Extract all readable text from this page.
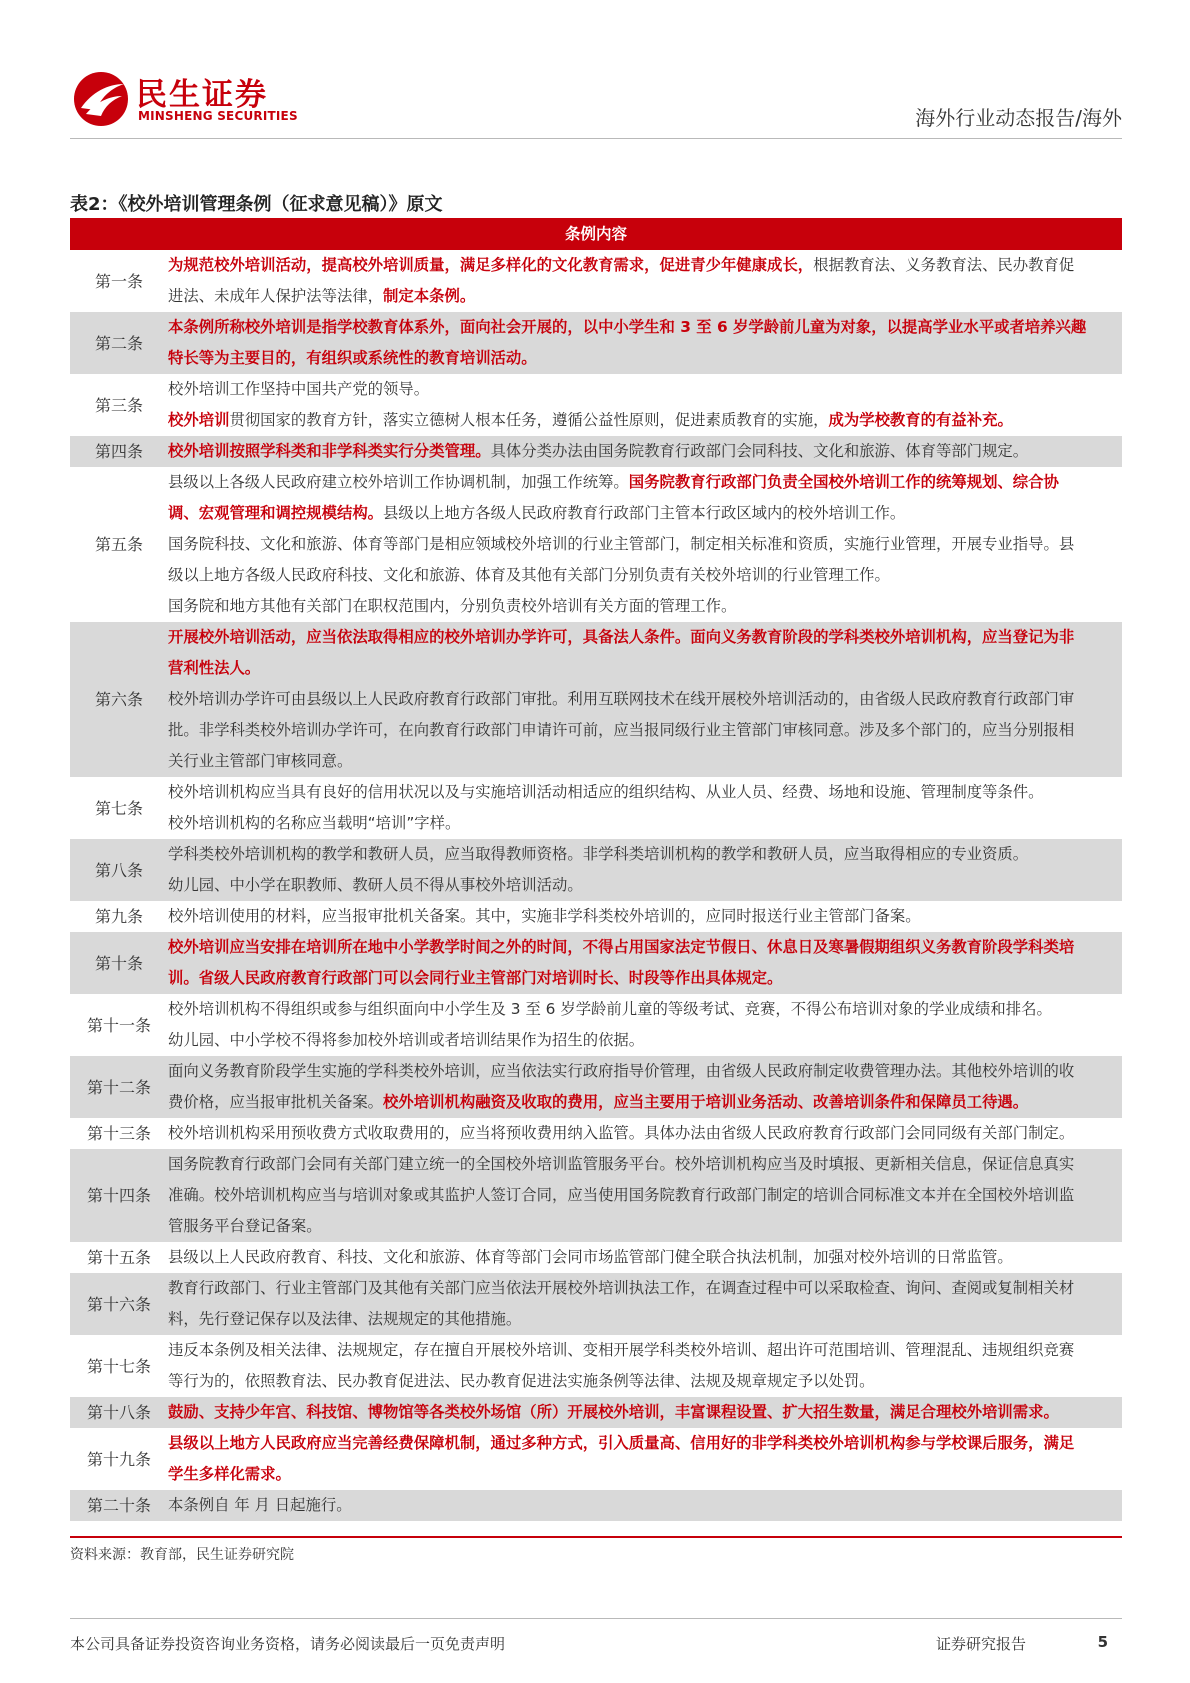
民生证券
MINSHENG SECURITIES	海外行业动态报告/海外
表2：《校外培训管理条例（征求意见稿）》原文
条例内容	
第一条	为规范校外培训活动，提高校外培训质量，满足多样化的文化教育需求，促进青少年健康成长，根据教育法、义务教育法、民办教育促
进法、未成年人保护法等法律，制定本条例。

第二条	本条例所称校外培训是指学校教育体系外，面向社会开展的，以中小学生和 3 至 6 岁学龄前儿童为对象，以提高学业水平或者培养兴趣
特长等为主要目的，有组织或系统性的教育培训活动。

第三条	校外培训工作坚持中国共产党的领导。
校外培训贯彻国家的教育方针，落实立德树人根本任务，遵循公益性原则，促进素质教育的实施，成为学校教育的有益补充。

第四条	校外培训按照学科类和非学科类实行分类管理。具体分类办法由国务院教育行政部门会同科技、文化和旅游、体育等部门规定。

第五条	县级以上各级人民政府建立校外培训工作协调机制，加强工作统筹。国务院教育行政部门负责全国校外培训工作的统筹规划、综合协
调、宏观管理和调控规模结构。县级以上地方各级人民政府教育行政部门主管本行政区域内的校外培训工作。
国务院科技、文化和旅游、体育等部门是相应领域校外培训的行业主管部门，制定相关标准和资质，实施行业管理，开展专业指导。县
级以上地方各级人民政府科技、文化和旅游、体育及其他有关部门分别负责有关校外培训的行业管理工作。
国务院和地方其他有关部门在职权范围内，分别负责校外培训有关方面的管理工作。

第六条	开展校外培训活动，应当依法取得相应的校外培训办学许可，具备法人条件。面向义务教育阶段的学科类校外培训机构，应当登记为非
营利性法人。
校外培训办学许可由县级以上人民政府教育行政部门审批。利用互联网技术在线开展校外培训活动的，由省级人民政府教育行政部门审
批。非学科类校外培训办学许可，在向教育行政部门申请许可前，应当报同级行业主管部门审核同意。涉及多个部门的，应当分别报相
关行业主管部门审核同意。

第七条	校外培训机构应当具有良好的信用状况以及与实施培训活动相适应的组织结构、从业人员、经费、场地和设施、管理制度等条件。
校外培训机构的名称应当载明“培训”字样。

第八条	学科类校外培训机构的教学和教研人员，应当取得教师资格。非学科类培训机构的教学和教研人员，应当取得相应的专业资质。
幼儿园、中小学在职教师、教研人员不得从事校外培训活动。

第九条	校外培训使用的材料，应当报审批机关备案。其中，实施非学科类校外培训的，应同时报送行业主管部门备案。

第十条	校外培训应当安排在培训所在地中小学教学时间之外的时间，不得占用国家法定节假日、休息日及寒暑假期组织义务教育阶段学科类培
训。省级人民政府教育行政部门可以会同行业主管部门对培训时长、时段等作出具体规定。

第十一条	校外培训机构不得组织或参与组织面向中小学生及 3 至 6 岁学龄前儿童的等级考试、竞赛，不得公布培训对象的学业成绩和排名。
幼儿园、中小学校不得将参加校外培训或者培训结果作为招生的依据。

第十二条	面向义务教育阶段学生实施的学科类校外培训，应当依法实行政府指导价管理，由省级人民政府制定收费管理办法。其他校外培训的收
费价格，应当报审批机关备案。校外培训机构融资及收取的费用，应当主要用于培训业务活动、改善培训条件和保障员工待遇。

第十三条	校外培训机构采用预收费方式收取费用的，应当将预收费用纳入监管。具体办法由省级人民政府教育行政部门会同同级有关部门制定。

第十四条	国务院教育行政部门会同有关部门建立统一的全国校外培训监管服务平台。校外培训机构应当及时填报、更新相关信息，保证信息真实
准确。校外培训机构应当与培训对象或其监护人签订合同，应当使用国务院教育行政部门制定的培训合同标准文本并在全国校外培训监
管服务平台登记备案。

第十五条	县级以上人民政府教育、科技、文化和旅游、体育等部门会同市场监管部门健全联合执法机制，加强对校外培训的日常监管。

第十六条	教育行政部门、行业主管部门及其他有关部门应当依法开展校外培训执法工作，在调查过程中可以采取检查、询问、查阅或复制相关材
料，先行登记保存以及法律、法规规定的其他措施。

第十七条	违反本条例及相关法律、法规规定，存在擅自开展校外培训、变相开展学科类校外培训、超出许可范围培训、管理混乱、违规组织竞赛
等行为的，依照教育法、民办教育促进法、民办教育促进法实施条例等法律、法规及规章规定予以处罚。

第十八条	鼓励、支持少年宫、科技馆、博物馆等各类校外场馆（所）开展校外培训，丰富课程设置、扩大招生数量，满足合理校外培训需求。

第十九条	县级以上地方人民政府应当完善经费保障机制，通过多种方式，引入质量高、信用好的非学科类校外培训机构参与学校课后服务，满足
学生多样化需求。

第二十条	本条例自 年 月 日起施行。
资料来源：教育部，民生证券研究院
本公司具备证券投资咨询业务资格，请务必阅读最后一页免责声明	证券研究报告	5
